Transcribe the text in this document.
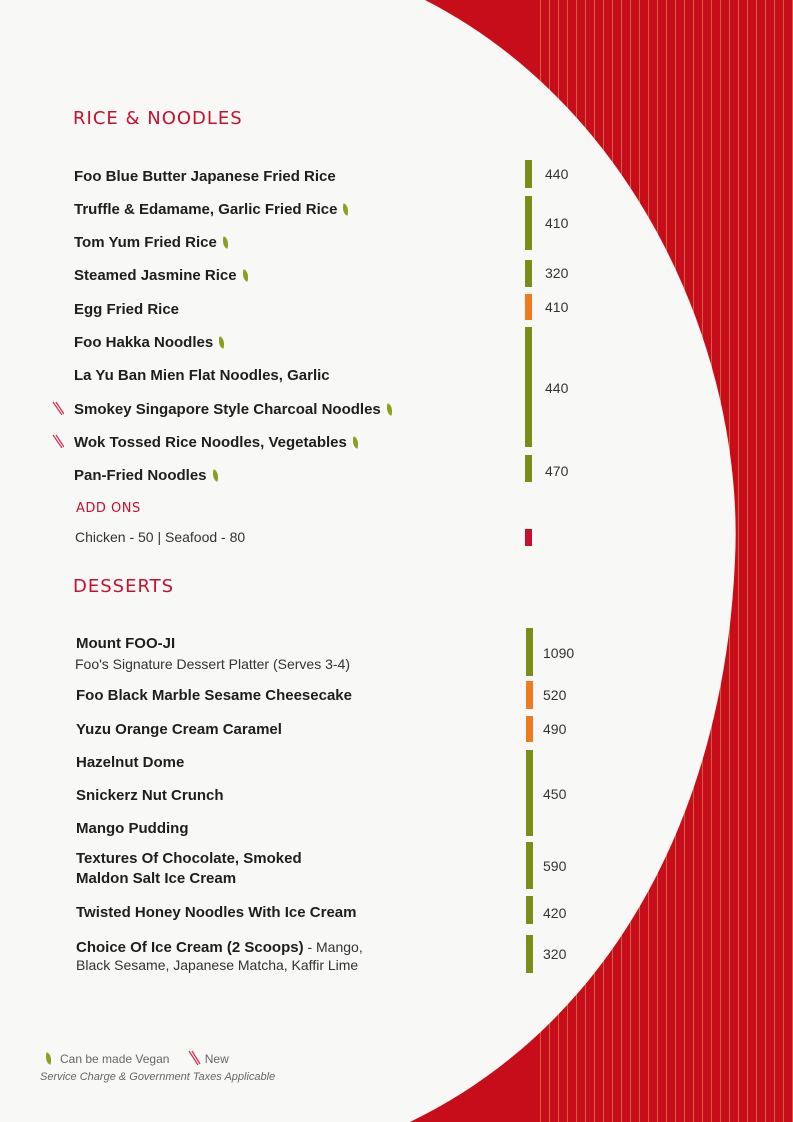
RICE & NOODLES
Foo Blue Butter Japanese Fried Rice
Truffle & Edamame, Garlic Fried Rice
Tom Yum Fried Rice
Steamed Jasmine Rice
Egg Fried Rice
Foo Hakka Noodles
La Yu Ban Mien Flat Noodles, Garlic
Smokey Singapore Style Charcoal Noodles
Wok Tossed Rice Noodles, Vegetables
Pan-Fried Noodles
440
410
320
410
440
470
ADD ONS
Chicken - 50 | Seafood - 80
DESSERTS
Mount FOO-JI
Foo's Signature Dessert Platter (Serves 3-4)
Foo Black Marble Sesame Cheesecake
Yuzu Orange Cream Caramel
Hazelnut Dome
Snickerz Nut Crunch
Mango Pudding
Textures Of Chocolate, Smoked
Maldon Salt Ice Cream
Twisted Honey Noodles With Ice Cream
Choice Of Ice Cream (2 Scoops) - Mango,
Black Sesame, Japanese Matcha, Kaffir Lime
1090
520
490
450
590
420
320
Can be made Vegan	New
Service Charge & Government Taxes Applicable
